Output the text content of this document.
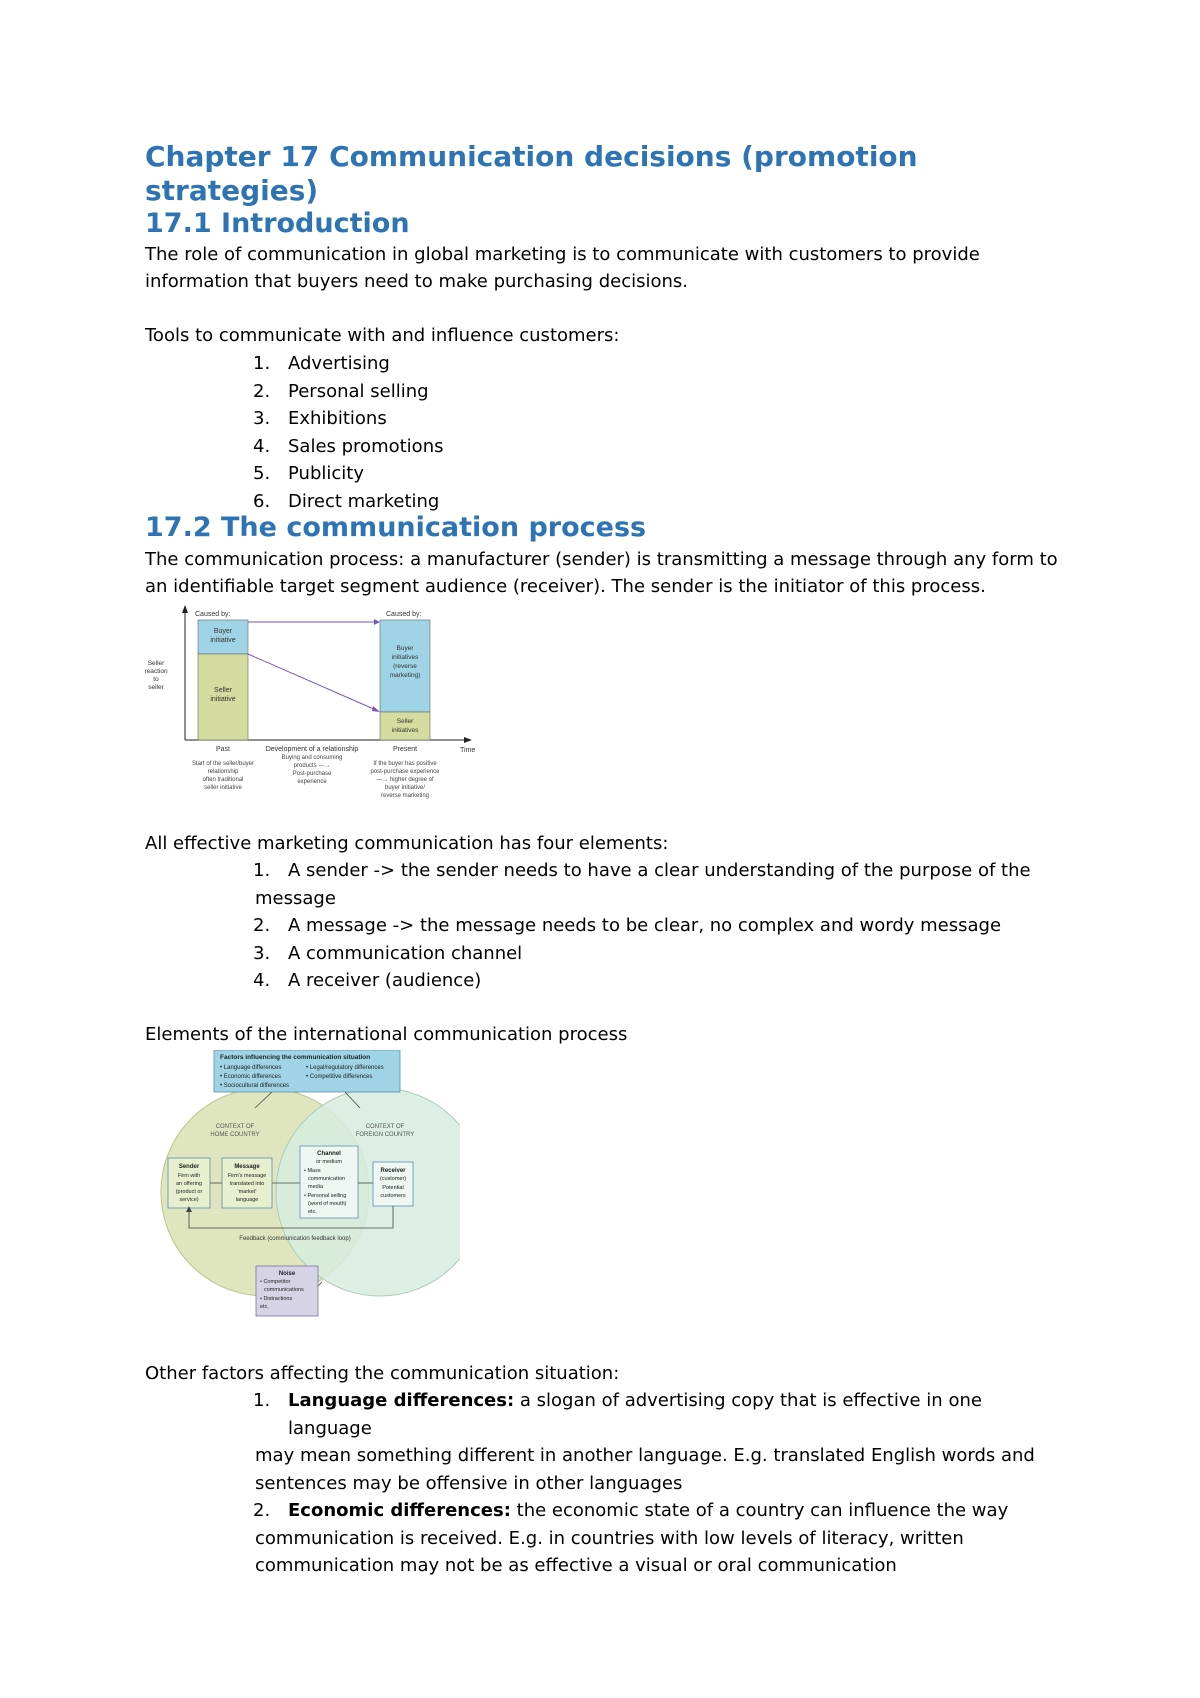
Chapter 17 Communication decisions (promotion strategies)
17.1 Introduction

The role of communication in global marketing is to communicate with customers to provide

information that buyers need to make purchasing decisions.

Tools to communicate with and influence customers:

1. Advertising
2. Personal selling
3. Exhibitions
4. Sales promotions
5. Publicity
6. Direct marketing
17.2 The communication process

The communication process: a manufacturer (sender) is transmitting a message through any form to

an identifiable target segment audience (receiver). The sender is the initiator of this process.

Caused by:	Caused by:
Buyer
initiative
Seller
initiative
Buyer
initiatives
(reverse
marketing)
Seller
initiatives
Seller
reaction
to
seller
Time
Past	Development of a relationship	Present
Start of the seller/buyer
relationship
often traditional
seller initiative
Buying and consuming
products ---→
Post-purchase
experience
If the buyer has positive
post-purchase experience
---→ higher degree of
buyer initiative/
reverse marketing

All effective marketing communication has four elements:

1. A sender -> the sender needs to have a clear understanding of the purpose of the
message
2. A message -> the message needs to be clear, no complex and wordy message
3. A communication channel
4. A receiver (audience)

Elements of the international communication process

Factors influencing the communication situation
• Language differences
• Economic differences
• Sociocultural differences
• Legal/regulatory differences
• Competitive differences
CONTEXT OF
HOME COUNTRY
CONTEXT OF
FOREIGN COUNTRY
Sender
Firm with
an offering
(product or
service)
Message
Firm's message
translated into
'market'
language
Channel
or medium
• Mass
communication
media
• Personal selling
(word of mouth)
etc.
Receiver
(customer)
Potential
customers
Feedback (communication feedback loop)
Noise
• Competitor
communications
• Distractions
etc.

Other factors affecting the communication situation:

1. Language differences: a slogan of advertising copy that is effective in one language
may mean something different in another language. E.g. translated English words and
sentences may be offensive in other languages
2. Economic differences: the economic state of a country can influence the way
communication is received. E.g. in countries with low levels of literacy, written
communication may not be as effective a visual or oral communication
